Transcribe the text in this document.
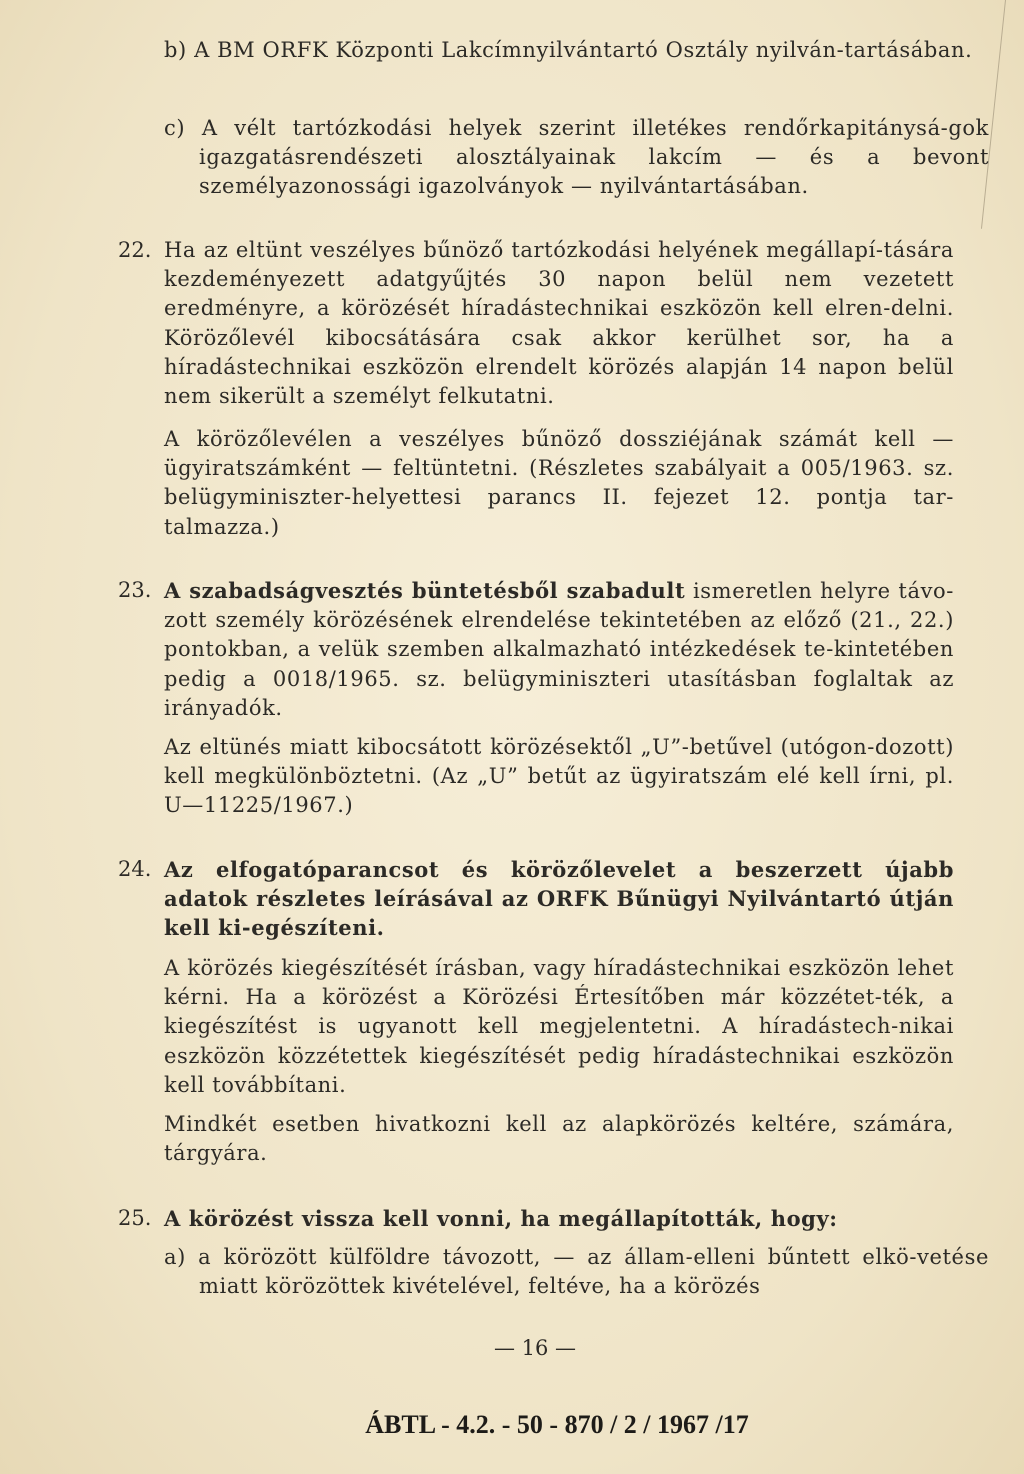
b) A BM ORFK Központi Lakcímnyilvántartó Osztály nyilván-tartásában.
c) A vélt tartózkodási helyek szerint illetékes rendőrkapitánysá-gok igazgatásrendészeti alosztályainak lakcím — és a bevont személyazonossági igazolványok — nyilvántartásában.
22. Ha az eltünt veszélyes bűnöző tartózkodási helyének megállapí-tására kezdeményezett adatgyűjtés 30 napon belül nem vezetett eredményre, a körözését híradástechnikai eszközön kell elren-delni. Körözőlevél kibocsátására csak akkor kerülhet sor, ha a híradástechnikai eszközön elrendelt körözés alapján 14 napon belül nem sikerült a személyt felkutatni.
A körözőlevélen a veszélyes bűnöző dossziéjának számát kell — ügyiratszámként — feltüntetni. (Részletes szabályait a 005/1963. sz. belügyminiszter-helyettesi parancs II. fejezet 12. pontja tar-talmazza.)
23. A szabadságvesztés büntetésből szabadult ismeretlen helyre távo-zott személy körözésének elrendelése tekintetében az előző (21., 22.) pontokban, a velük szemben alkalmazható intézkedések te-kintetében pedig a 0018/1965. sz. belügyminiszteri utasításban foglaltak az irányadók.
Az eltünés miatt kibocsátott körözésektől „U”-betűvel (utógon-dozott) kell megkülönböztetni. (Az „U” betűt az ügyiratszám elé kell írni, pl. U—11225/1967.)
24. Az elfogatóparancsot és körözőlevelet a beszerzett újabb adatok részletes leírásával az ORFK Bűnügyi Nyilvántartó útján kell ki-egészíteni.
A körözés kiegészítését írásban, vagy híradástechnikai eszközön lehet kérni. Ha a körözést a Körözési Értesítőben már közzétet-ték, a kiegészítést is ugyanott kell megjelentetni. A híradástech-nikai eszközön közzétettek kiegészítését pedig híradástechnikai eszközön kell továbbítani.
Mindkét esetben hivatkozni kell az alapkörözés keltére, számára, tárgyára.
25. A körözést vissza kell vonni, ha megállapították, hogy:
a) a körözött külföldre távozott, — az állam-elleni bűntett elkö-vetése miatt körözöttek kivételével, feltéve, ha a körözés
— 16 —
ÁBTL - 4.2. - 50 - 870 / 2 / 1967 /17
